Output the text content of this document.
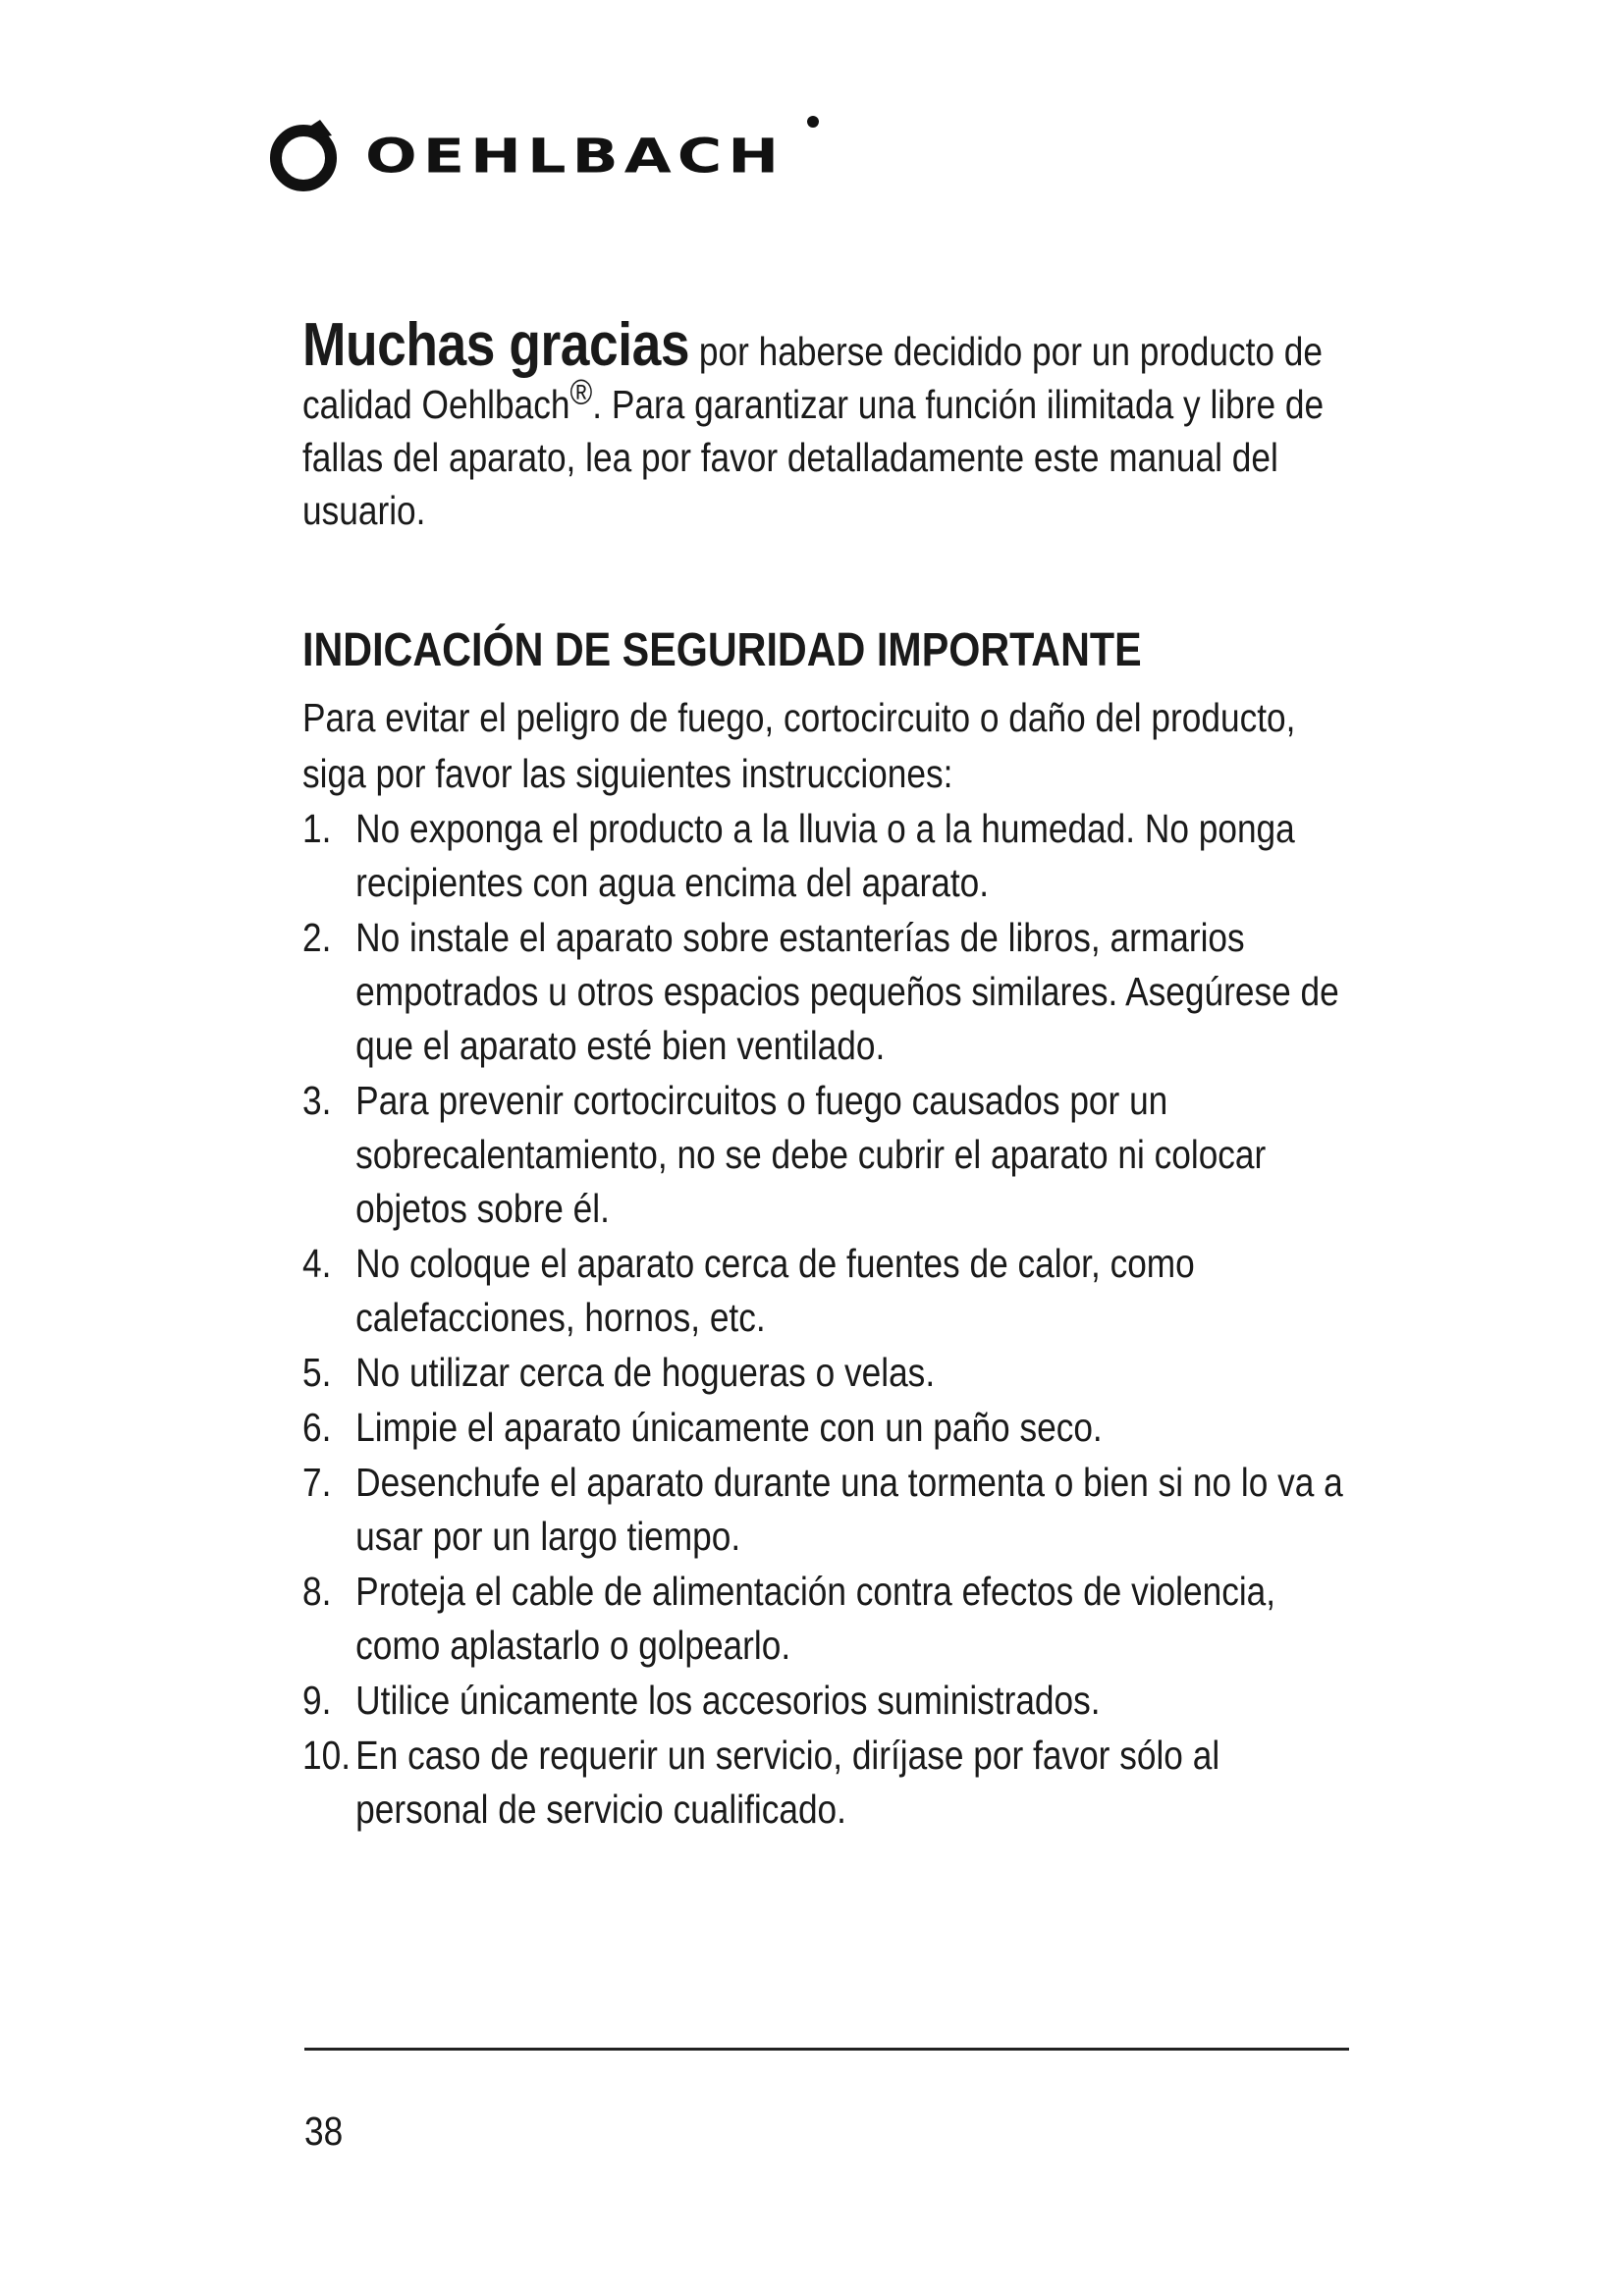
OEHLBACH

Muchas gracias por haberse decidido por un producto de calidad Oehlbach®. Para garantizar una función ilimitada y libre de fallas del aparato, lea por favor detalladamente este manual del usuario.

INDICACIÓN DE SEGURIDAD IMPORTANTE

Para evitar el peligro de fuego, cortocircuito o daño del producto, siga por favor las siguientes instrucciones:

1. No exponga el producto a la lluvia o a la humedad. No ponga recipientes con agua encima del aparato.
2. No instale el aparato sobre estanterías de libros, armarios empotrados u otros espacios pequeños similares. Asegúrese de que el aparato esté bien ventilado.
3. Para prevenir cortocircuitos o fuego causados por un sobrecalentamiento, no se debe cubrir el aparato ni colocar objetos sobre él.
4. No coloque el aparato cerca de fuentes de calor, como calefacciones, hornos, etc.
5. No utilizar cerca de hogueras o velas.
6. Limpie el aparato únicamente con un paño seco.
7. Desenchufe el aparato durante una tormenta o bien si no lo va a usar por un largo tiempo.
8. Proteja el cable de alimentación contra efectos de violencia, como aplastarlo o golpearlo.
9. Utilice únicamente los accesorios suministrados.
10. En caso de requerir un servicio, diríjase por favor sólo al personal de servicio cualificado.
38
